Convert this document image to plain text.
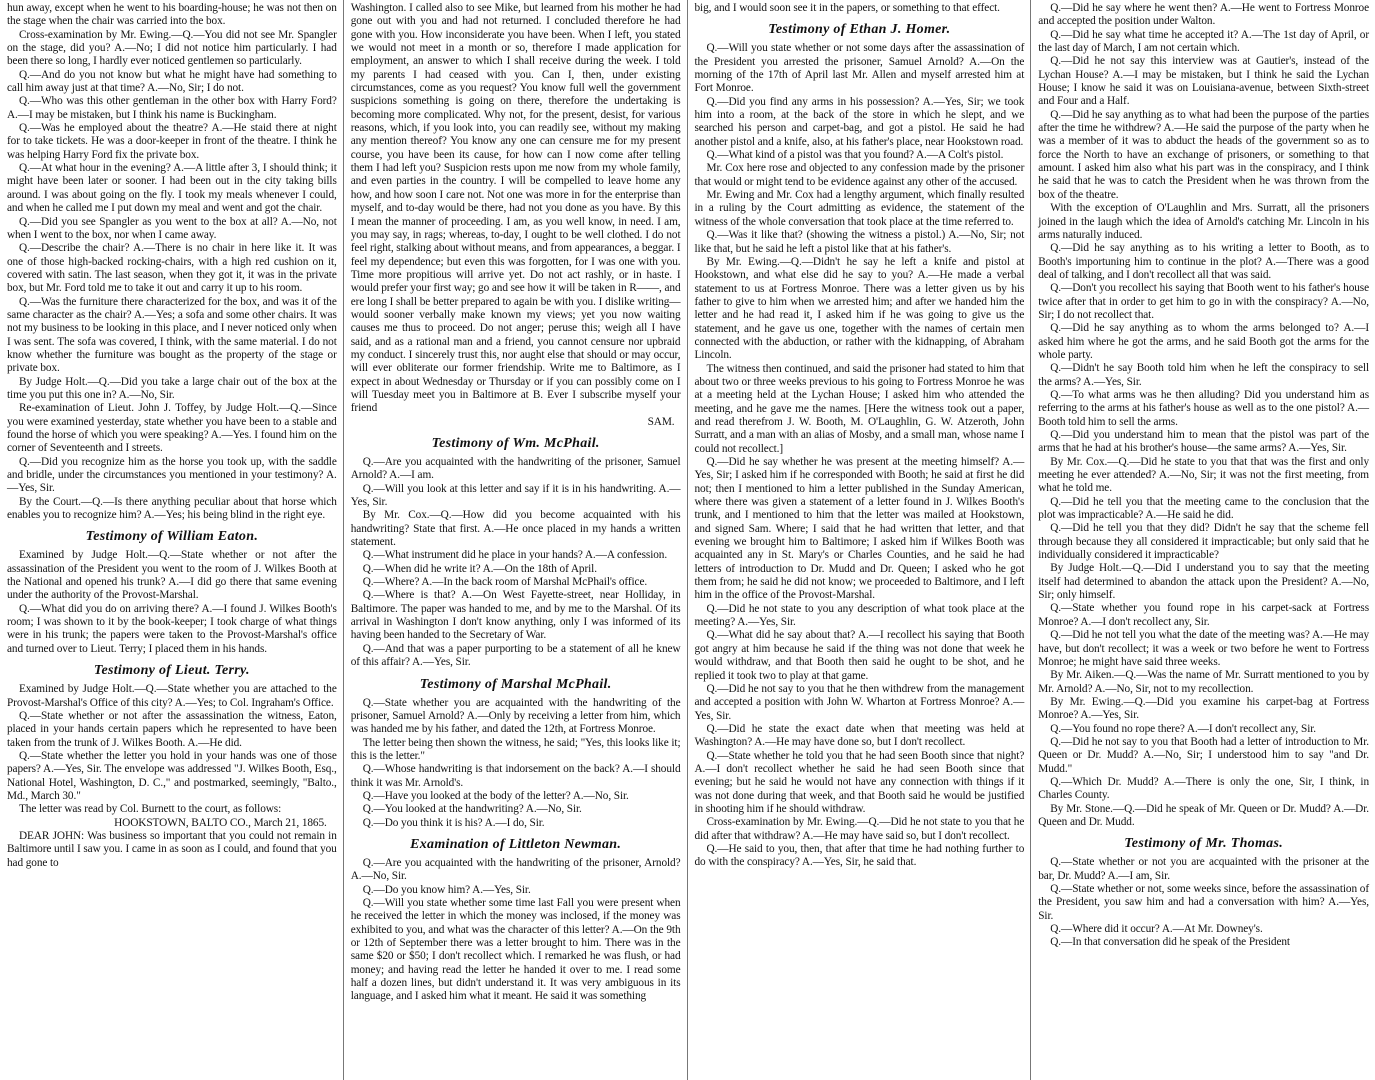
hun away, except when he went to his boarding-house; he was not then on the stage when the chair was carried into the box.

Cross-examination by Mr. Ewing.—Q.—You did not see Mr. Spangler on the stage, did you? A.—No; I did not notice him particularly. I had been there so long, I hardly ever noticed gentlemen so particularly.

Q.—And do you not know but what he might have had something to call him away just at that time? A.—No, Sir; I do not.

Q.—Who was this other gentleman in the other box with Harry Ford? A.—I may be mistaken, but I think his name is Buckingham.

Q.—Was he employed about the theatre? A.—He staid there at night for to take tickets. He was a door-keeper in front of the theatre. I think he was helping Harry Ford fix the private box.

Q.—At what hour in the evening? A.—A little after 3, I should think; it might have been later or sooner. I had been out in the city taking bills around. I was about going on the fly. I took my meals whenever I could, and when he called me I put down my meal and went and got the chair.

Q.—Did you see Spangler as you went to the box at all? A.—No, not when I went to the box, nor when I came away.

Q.—Describe the chair? A.—There is no chair in here like it. It was one of those high-backed rocking-chairs, with a high red cushion on it, covered with satin. The last season, when they got it, it was in the private box, but Mr. Ford told me to take it out and carry it up to his room.

Q.—Was the furniture there characterized for the box, and was it of the same character as the chair? A.—Yes; a sofa and some other chairs. It was not my business to be looking in this place, and I never noticed only when I was sent. The sofa was covered, I think, with the same material. I do not know whether the furniture was bought as the property of the stage or private box.

By Judge Holt.—Q.—Did you take a large chair out of the box at the time you put this one in? A.—No, Sir.

Re-examination of Lieut. John J. Toffey, by Judge Holt.—Q.—Since you were examined yesterday, state whether you have been to a stable and found the horse of which you were speaking? A.—Yes. I found him on the corner of Seventeenth and I streets.

Q.—Did you recognize him as the horse you took up, with the saddle and bridle, under the circumstances you mentioned in your testimony? A.—Yes, Sir.

By the Court.—Q.—Is there anything peculiar about that horse which enables you to recognize him? A.—Yes; his being blind in the right eye.

Testimony of William Eaton.

Examined by Judge Holt.—Q.—State whether or not after the assassination of the President you went to the room of J. Wilkes Booth at the National and opened his trunk? A.—I did go there that same evening under the authority of the Provost-Marshal.

Q.—What did you do on arriving there? A.—I found J. Wilkes Booth's room; I was shown to it by the book-keeper; I took charge of what things were in his trunk; the papers were taken to the Provost-Marshal's office and turned over to Lieut. Terry; I placed them in his hands.

Testimony of Lieut. Terry.

Examined by Judge Holt.—Q.—State whether you are attached to the Provost-Marshal's Office of this city? A.—Yes; to Col. Ingraham's Office.

Q.—State whether or not after the assassination the witness, Eaton, placed in your hands certain papers which he represented to have been taken from the trunk of J. Wilkes Booth. A.—He did.

Q.—State whether the letter you hold in your hands was one of those papers? A.—Yes, Sir. The envelope was addressed "J. Wilkes Booth, Esq., National Hotel, Washington, D. C.," and postmarked, seemingly, "Balto., Md., March 30."

The letter was read by Col. Burnett to the court, as follows:

HOOKSTOWN, BALTO CO., March 21, 1865.

DEAR JOHN: Was business so important that you could not remain in Baltimore until I saw you. I came in as soon as I could, and found that you had gone to

Washington. I called also to see Mike, but learned from his mother he had gone out with you and had not returned. I concluded therefore he had gone with you. How inconsiderate you have been. When I left, you stated we would not meet in a month or so, therefore I made application for employment, an answer to which I shall receive during the week. I told my parents I had ceased with you. Can I, then, under existing circumstances, come as you request? You know full well the government suspicions something is going on there, therefore the undertaking is becoming more complicated. Why not, for the present, desist, for various reasons, which, if you look into, you can readily see, without my making any mention thereof? You know any one can censure me for my present course, you have been its cause, for how can I now come after telling them I had left you? Suspicion rests upon me now from my whole family, and even parties in the country. I will be compelled to leave home any how, and how soon I care not. Not one was more in for the enterprise than myself, and to-day would be there, had not you done as you have. By this I mean the manner of proceeding. I am, as you well know, in need. I am, you may say, in rags; whereas, to-day, I ought to be well clothed. I do not feel right, stalking about without means, and from appearances, a beggar. I feel my dependence; but even this was forgotten, for I was one with you. Time more propitious will arrive yet. Do not act rashly, or in haste. I would prefer your first way; go and see how it will be taken in R——, and ere long I shall be better prepared to again be with you. I dislike writing—would sooner verbally make known my views; yet you now waiting causes me thus to proceed. Do not anger; peruse this; weigh all I have said, and as a rational man and a friend, you cannot censure nor upbraid my conduct. I sincerely trust this, nor aught else that should or may occur, will ever obliterate our former friendship. Write me to Baltimore, as I expect in about Wednesday or Thursday or if you can possibly come on I will Tuesday meet you in Baltimore at B. Ever I subscribe myself your friend

SAM.

Testimony of Wm. McPhail.

Q.—Are you acquainted with the handwriting of the prisoner, Samuel Arnold? A.—I am.

Q.—Will you look at this letter and say if it is in his handwriting. A.—Yes, Sir.

By Mr. Cox.—Q.—How did you become acquainted with his handwriting? State that first. A.—He once placed in my hands a written statement.

Q.—What instrument did he place in your hands? A.—A confession.

Q.—When did he write it? A.—On the 18th of April.

Q.—Where? A.—In the back room of Marshal McPhail's office.

Q.—Where is that? A.—On West Fayette-street, near Holliday, in Baltimore. The paper was handed to me, and by me to the Marshal. Of its arrival in Washington I don't know anything, only I was informed of its having been handed to the Secretary of War.

Q.—And that was a paper purporting to be a statement of all he knew of this affair? A.—Yes, Sir.

Testimony of Marshal McPhail.

Q.—State whether you are acquainted with the handwriting of the prisoner, Samuel Arnold? A.—Only by receiving a letter from him, which was handed me by his father, and dated the 12th, at Fortress Monroe.

The letter being then shown the witness, he said; "Yes, this looks like it; this is the letter."

Q.—Whose handwriting is that indorsement on the back? A.—I should think it was Mr. Arnold's.

Q.—Have you looked at the body of the letter? A.—No, Sir.

Q.—You looked at the handwriting? A.—No, Sir.

Q.—Do you think it is his? A.—I do, Sir.

Examination of Littleton Newman.

Q.—Are you acquainted with the handwriting of the prisoner, Arnold? A.—No, Sir.

Q.—Do you know him? A.—Yes, Sir.

Q.—Will you state whether some time last Fall you were present when he received the letter in which the money was inclosed, if the money was exhibited to you, and what was the character of this letter? A.—On the 9th or 12th of September there was a letter brought to him. There was in the same $20 or $50; I don't recollect which. I remarked he was flush, or had money; and having read the letter he handed it over to me. I read some half a dozen lines, but didn't understand it. It was very ambiguous in its language, and I asked him what it meant. He said it was something

big, and I would soon see it in the papers, or something to that effect.

Testimony of Ethan J. Homer.

Q.—Will you state whether or not some days after the assassination of the President you arrested the prisoner, Samuel Arnold? A.—On the morning of the 17th of April last Mr. Allen and myself arrested him at Fort Monroe.

Q.—Did you find any arms in his possession? A.—Yes, Sir; we took him into a room, at the back of the store in which he slept, and we searched his person and carpet-bag, and got a pistol. He said he had another pistol and a knife, also, at his father's place, near Hookstown road.

Q.—What kind of a pistol was that you found? A.—A Colt's pistol.

Mr. Cox here rose and objected to any confession made by the prisoner that would or might tend to be evidence against any other of the accused.

Mr. Ewing and Mr. Cox had a lengthy argument, which finally resulted in a ruling by the Court admitting as evidence, the statement of the witness of the whole conversation that took place at the time referred to.

Q.—Was it like that? (showing the witness a pistol.) A.—No, Sir; not like that, but he said he left a pistol like that at his father's.

By Mr. Ewing.—Q.—Didn't he say he left a knife and pistol at Hookstown, and what else did he say to you? A.—He made a verbal statement to us at Fortress Monroe. There was a letter given us by his father to give to him when we arrested him; and after we handed him the letter and he had read it, I asked him if he was going to give us the statement, and he gave us one, together with the names of certain men connected with the abduction, or rather with the kidnapping, of Abraham Lincoln.

The witness then continued, and said the prisoner had stated to him that about two or three weeks previous to his going to Fortress Monroe he was at a meeting held at the Lychan House; I asked him who attended the meeting, and he gave me the names. [Here the witness took out a paper, and read therefrom J. W. Booth, M. O'Laughlin, G. W. Atzeroth, John Surratt, and a man with an alias of Mosby, and a small man, whose name I could not recollect.]

Q.—Did he say whether he was present at the meeting himself? A.—Yes, Sir; I asked him if he corresponded with Booth; he said at first he did not; then I mentioned to him a letter published in the Sunday American, where there was given a statement of a letter found in J. Wilkes Booth's trunk, and I mentioned to him that the letter was mailed at Hookstown, and signed Sam. Where; I said that he had written that letter, and that evening we brought him to Baltimore; I asked him if Wilkes Booth was acquainted any in St. Mary's or Charles Counties, and he said he had letters of introduction to Dr. Mudd and Dr. Queen; I asked who he got them from; he said he did not know; we proceeded to Baltimore, and I left him in the office of the Provost-Marshal.

Q.—Did he not state to you any description of what took place at the meeting? A.—Yes, Sir.

Q.—What did he say about that? A.—I recollect his saying that Booth got angry at him because he said if the thing was not done that week he would withdraw, and that Booth then said he ought to be shot, and he replied it took two to play at that game.

Q.—Did he not say to you that he then withdrew from the management and accepted a position with John W. Wharton at Fortress Monroe? A.—Yes, Sir.

Q.—Did he state the exact date when that meeting was held at Washington? A.—He may have done so, but I don't recollect.

Q.—State whether he told you that he had seen Booth since that night? A.—I don't recollect whether he said he had seen Booth since that evening; but he said he would not have any connection with things if it was not done during that week, and that Booth said he would be justified in shooting him if he should withdraw.

Cross-examination by Mr. Ewing.—Q.—Did he not state to you that he did after that withdraw? A.—He may have said so, but I don't recollect.

Q.—He said to you, then, that after that time he had nothing further to do with the conspiracy? A.—Yes, Sir, he said that.

Q.—Did he say where he went then? A.—He went to Fortress Monroe and accepted the position under Walton.

Q.—Did he say what time he accepted it? A.—The 1st day of April, or the last day of March, I am not certain which.

Q.—Did he not say this interview was at Gautier's, instead of the Lychan House? A.—I may be mistaken, but I think he said the Lychan House; I know he said it was on Louisiana-avenue, between Sixth-street and Four and a Half.

Q.—Did he say anything as to what had been the purpose of the parties after the time he withdrew? A.—He said the purpose of the party when he was a member of it was to abduct the heads of the government so as to force the North to have an exchange of prisoners, or something to that amount. I asked him also what his part was in the conspiracy, and I think he said that he was to catch the President when he was thrown from the box of the theatre.

With the exception of O'Laughlin and Mrs. Surratt, all the prisoners joined in the laugh which the idea of Arnold's catching Mr. Lincoln in his arms naturally induced.

Q.—Did he say anything as to his writing a letter to Booth, as to Booth's importuning him to continue in the plot? A.—There was a good deal of talking, and I don't recollect all that was said.

Q.—Don't you recollect his saying that Booth went to his father's house twice after that in order to get him to go in with the conspiracy? A.—No, Sir; I do not recollect that.

Q.—Did he say anything as to whom the arms belonged to? A.—I asked him where he got the arms, and he said Booth got the arms for the whole party.

Q.—Didn't he say Booth told him when he left the conspiracy to sell the arms? A.—Yes, Sir.

Q.—To what arms was he then alluding? Did you understand him as referring to the arms at his father's house as well as to the one pistol? A.—Booth told him to sell the arms.

Q.—Did you understand him to mean that the pistol was part of the arms that he had at his brother's house—the same arms? A.—Yes, Sir.

By Mr. Cox.—Q.—Did he state to you that that was the first and only meeting he ever attended? A.—No, Sir; it was not the first meeting, from what he told me.

Q.—Did he tell you that the meeting came to the conclusion that the plot was impracticable? A.—He said he did.

Q.—Did he tell you that they did? Didn't he say that the scheme fell through because they all considered it impracticable; but only said that he individually considered it impracticable?

By Judge Holt.—Q.—Did I understand you to say that the meeting itself had determined to abandon the attack upon the President? A.—No, Sir; only himself.

Q.—State whether you found rope in his carpet-sack at Fortress Monroe? A.—I don't recollect any, Sir.

Q.—Did he not tell you what the date of the meeting was? A.—He may have, but don't recollect; it was a week or two before he went to Fortress Monroe; he might have said three weeks.

By Mr. Aiken.—Q.—Was the name of Mr. Surratt mentioned to you by Mr. Arnold? A.—No, Sir, not to my recollection.

By Mr. Ewing.—Q.—Did you examine his carpet-bag at Fortress Monroe? A.—Yes, Sir.

Q.—You found no rope there? A.—I don't recollect any, Sir.

Q.—Did he not say to you that Booth had a letter of introduction to Mr. Queen or Dr. Mudd? A.—No, Sir; I understood him to say "and Dr. Mudd."

Q.—Which Dr. Mudd? A.—There is only the one, Sir, I think, in Charles County.

By Mr. Stone.—Q.—Did he speak of Mr. Queen or Dr. Mudd? A.—Dr. Queen and Dr. Mudd.

Testimony of Mr. Thomas.

Q.—State whether or not you are acquainted with the prisoner at the bar, Dr. Mudd? A.—I am, Sir.

Q.—State whether or not, some weeks since, before the assassination of the President, you saw him and had a conversation with him? A.—Yes, Sir.

Q.—Where did it occur? A.—At Mr. Downey's.

Q.—In that conversation did he speak of the President
